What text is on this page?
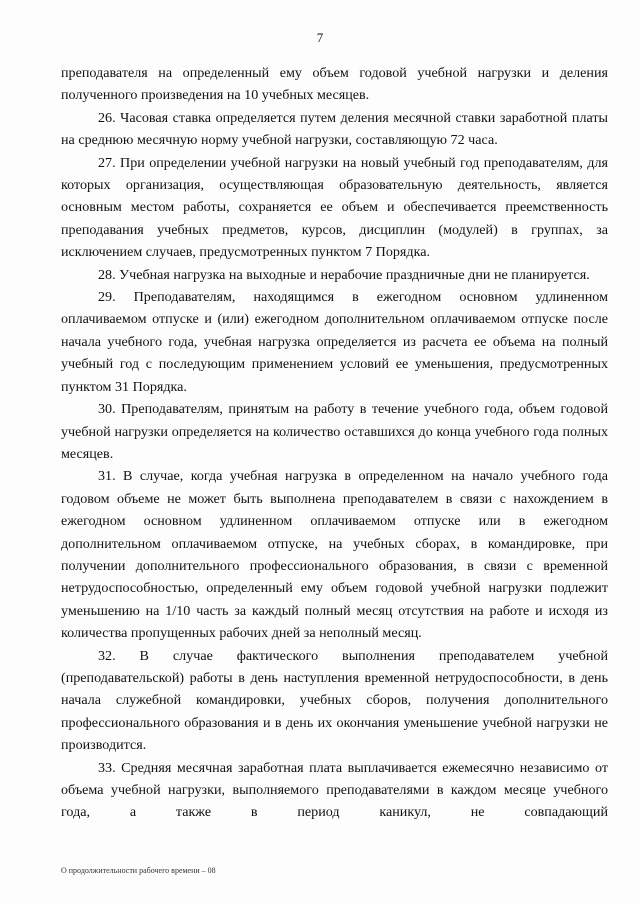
7

преподавателя на определенный ему объем годовой учебной нагрузки и деления полученного произведения на 10 учебных месяцев.

26. Часовая ставка определяется путем деления месячной ставки заработной платы на среднюю месячную норму учебной нагрузки, составляющую 72 часа.

27. При определении учебной нагрузки на новый учебный год преподавателям, для которых организация, осуществляющая образовательную деятельность, является основным местом работы, сохраняется ее объем и обеспечивается преемственность преподавания учебных предметов, курсов, дисциплин (модулей) в группах, за исключением случаев, предусмотренных пунктом 7 Порядка.

28. Учебная нагрузка на выходные и нерабочие праздничные дни не планируется.

29. Преподавателям, находящимся в ежегодном основном удлиненном оплачиваемом отпуске и (или) ежегодном дополнительном оплачиваемом отпуске после начала учебного года, учебная нагрузка определяется из расчета ее объема на полный учебный год с последующим применением условий ее уменьшения, предусмотренных пунктом 31 Порядка.

30. Преподавателям, принятым на работу в течение учебного года, объем годовой учебной нагрузки определяется на количество оставшихся до конца учебного года полных месяцев.

31. В случае, когда учебная нагрузка в определенном на начало учебного года годовом объеме не может быть выполнена преподавателем в связи с нахождением в ежегодном основном удлиненном оплачиваемом отпуске или в ежегодном дополнительном оплачиваемом отпуске, на учебных сборах, в командировке, при получении дополнительного профессионального образования, в связи с временной нетрудоспособностью, определенный ему объем годовой учебной нагрузки подлежит уменьшению на 1/10 часть за каждый полный месяц отсутствия на работе и исходя из количества пропущенных рабочих дней за неполный месяц.

32. В случае фактического выполнения преподавателем учебной (преподавательской) работы в день наступления временной нетрудоспособности, в день начала служебной командировки, учебных сборов, получения дополнительного профессионального образования и в день их окончания уменьшение учебной нагрузки не производится.

33. Средняя месячная заработная плата выплачивается ежемесячно независимо от объема учебной нагрузки, выполняемого преподавателями в каждом месяце учебного года, а также в период каникул, не совпадающий

О продолжительности рабочего времени – 08
